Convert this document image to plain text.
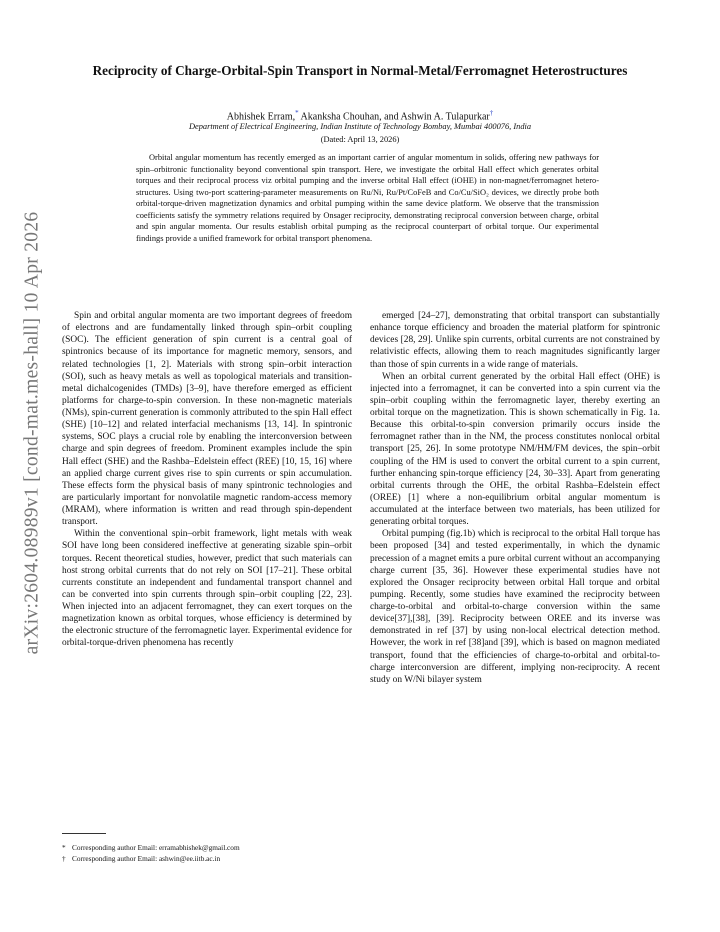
arXiv:2604.08989v1 [cond-mat.mes-hall] 10 Apr 2026
Reciprocity of Charge-Orbital-Spin Transport in Normal-Metal/Ferromagnet Heterostructures
Abhishek Erram,* Akanksha Chouhan, and Ashwin A. Tulapurkar†
Department of Electrical Engineering, Indian Institute of Technology Bombay, Mumbai 400076, India
(Dated: April 13, 2026)
Orbital angular momentum has recently emerged as an important carrier of angular momentum in solids, offering new pathways for spin–orbitronic functionality beyond conventional spin transport. Here, we investigate the orbital Hall effect which generates orbital torques and their reciprocal process viz orbital pumping and the inverse orbital Hall effect (iOHE) in non-magnet/ferromagnet hetero-structures. Using two-port scattering-parameter measurements on Ru/Ni, Ru/Pt/CoFeB and Co/Cu/SiO₂ devices, we directly probe both orbital-torque-driven magnetization dynamics and orbital pumping within the same device platform. We observe that the transmission coefficients satisfy the symmetry relations required by Onsager reciprocity, demonstrating reciprocal conversion between charge, orbital and spin angular momenta. Our results establish orbital pumping as the reciprocal counterpart of orbital torque. Our experimental findings provide a unified framework for orbital transport phenomena.

Spin and orbital angular momenta are two important degrees of freedom of electrons and are fundamentally linked through spin–orbit coupling (SOC). The efficient generation of spin current is a central goal of spintronics because of its importance for magnetic memory, sensors, and related technologies [1, 2]. Materials with strong spin–orbit interaction (SOI), such as heavy metals as well as topological materials and transition-metal dichalcogenides (TMDs) [3–9], have therefore emerged as efficient platforms for charge-to-spin conversion. In these non-magnetic materials (NMs), spin-current generation is commonly attributed to the spin Hall effect (SHE) [10–12] and related interfacial mechanisms [13, 14]. In spintronic systems, SOC plays a crucial role by enabling the interconversion between charge and spin degrees of freedom. Prominent examples include the spin Hall effect (SHE) and the Rashba–Edelstein effect (REE) [10, 15, 16] where an applied charge current gives rise to spin currents or spin accumulation. These effects form the physical basis of many spintronic technologies and are particularly important for nonvolatile magnetic random-access memory (MRAM), where information is written and read through spin-dependent transport.

Within the conventional spin–orbit framework, light metals with weak SOI have long been considered ineffective at generating sizable spin–orbit torques. Recent theoretical studies, however, predict that such materials can host strong orbital currents that do not rely on SOI [17–21]. These orbital currents constitute an independent and fundamental transport channel and can be converted into spin currents through spin–orbit coupling [22, 23]. When injected into an adjacent ferromagnet, they can exert torques on the magnetization known as orbital torques, whose efficiency is determined by the electronic structure of the ferromagnetic layer. Experimental evidence for orbital-torque-driven phenomena has recently

emerged [24–27], demonstrating that orbital transport can substantially enhance torque efficiency and broaden the material platform for spintronic devices [28, 29]. Unlike spin currents, orbital currents are not constrained by relativistic effects, allowing them to reach magnitudes significantly larger than those of spin currents in a wide range of materials.

When an orbital current generated by the orbital Hall effect (OHE) is injected into a ferromagnet, it can be converted into a spin current via the spin–orbit coupling within the ferromagnetic layer, thereby exerting an orbital torque on the magnetization. This is shown schematically in Fig. 1a. Because this orbital-to-spin conversion primarily occurs inside the ferromagnet rather than in the NM, the process constitutes nonlocal orbital transport [25, 26]. In some prototype NM/HM/FM devices, the spin–orbit coupling of the HM is used to convert the orbital current to a spin current, further enhancing spin-torque efficiency [24, 30–33]. Apart from generating orbital currents through the OHE, the orbital Rashba–Edelstein effect (OREE) [1] where a non-equilibrium orbital angular momentum is accumulated at the interface between two materials, has been utilized for generating orbital torques.

Orbital pumping (fig.1b) which is reciprocal to the orbital Hall torque has been proposed [34] and tested experimentally, in which the dynamic precession of a magnet emits a pure orbital current without an accompanying charge current [35, 36]. However these experimental studies have not explored the Onsager reciprocity between orbital Hall torque and orbital pumping. Recently, some studies have examined the reciprocity between charge-to-orbital and orbital-to-charge conversion within the same device[37],[38], [39]. Reciprocity between OREE and its inverse was demonstrated in ref [37] by using non-local electrical detection method. However, the work in ref [38]and [39], which is based on magnon mediated transport, found that the efficiencies of charge-to-orbital and orbital-to-charge interconversion are different, implying non-reciprocity. A recent study on W/Ni bilayer system

* Corresponding author Email: erramabhishek@gmail.com
† Corresponding author Email: ashwin@ee.iitb.ac.in
